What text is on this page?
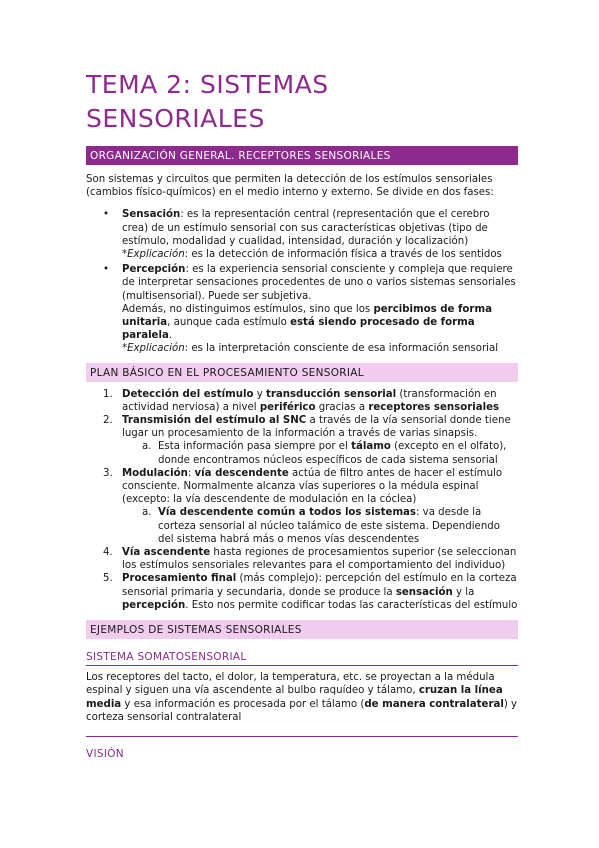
TEMA 2: SISTEMAS
SENSORIALES
ORGANIZACIÓN GENERAL. RECEPTORES SENSORIALES

Son sistemas y circuitos que permiten la detección de los estímulos sensoriales (cambios físico-químicos) en el medio interno y externo. Se divide en dos fases:

• Sensación: es la representación central (representación que el cerebro crea) de un estímulo sensorial con sus características objetivas (tipo de estímulo, modalidad y cualidad, intensidad, duración y localización)
*Explicación: es la detección de información física a través de los sentidos
• Percepción: es la experiencia sensorial consciente y compleja que requiere de interpretar sensaciones procedentes de uno o varios sistemas sensoriales (multisensorial). Puede ser subjetiva.
Además, no distinguimos estímulos, sino que los percibimos de forma unitaria, aunque cada estímulo está siendo procesado de forma paralela.
*Explicación: es la interpretación consciente de esa información sensorial
PLAN BÁSICO EN EL PROCESAMIENTO SENSORIAL
1. Detección del estímulo y transducción sensorial (transformación en actividad nerviosa) a nivel periférico gracias a receptores sensoriales
2. Transmisión del estímulo al SNC a través de la vía sensorial donde tiene lugar un procesamiento de la información a través de varias sinapsis.
a. Esta información pasa siempre por el tálamo (excepto en el olfato), donde encontramos núcleos específicos de cada sistema sensorial
3. Modulación: vía descendente actúa de filtro antes de hacer el estímulo consciente. Normalmente alcanza vías superiores o la médula espinal (excepto: la vía descendente de modulación en la cóclea)
a. Vía descendente común a todos los sistemas: va desde la corteza sensorial al núcleo talámico de este sistema. Dependiendo del sistema habrá más o menos vías descendentes
4. Vía ascendente hasta regiones de procesamientos superior (se seleccionan los estímulos sensoriales relevantes para el comportamiento del individuo)
5. Procesamiento final (más complejo): percepción del estímulo en la corteza sensorial primaria y secundaria, donde se produce la sensación y la percepción. Esto nos permite codificar todas las características del estímulo
EJEMPLOS DE SISTEMAS SENSORIALES
SISTEMA SOMATOSENSORIAL

Los receptores del tacto, el dolor, la temperatura, etc. se proyectan a la médula espinal y siguen una vía ascendente al bulbo raquídeo y tálamo, cruzan la línea media y esa información es procesada por el tálamo (de manera contralateral) y corteza sensorial contralateral

VISIÓN
